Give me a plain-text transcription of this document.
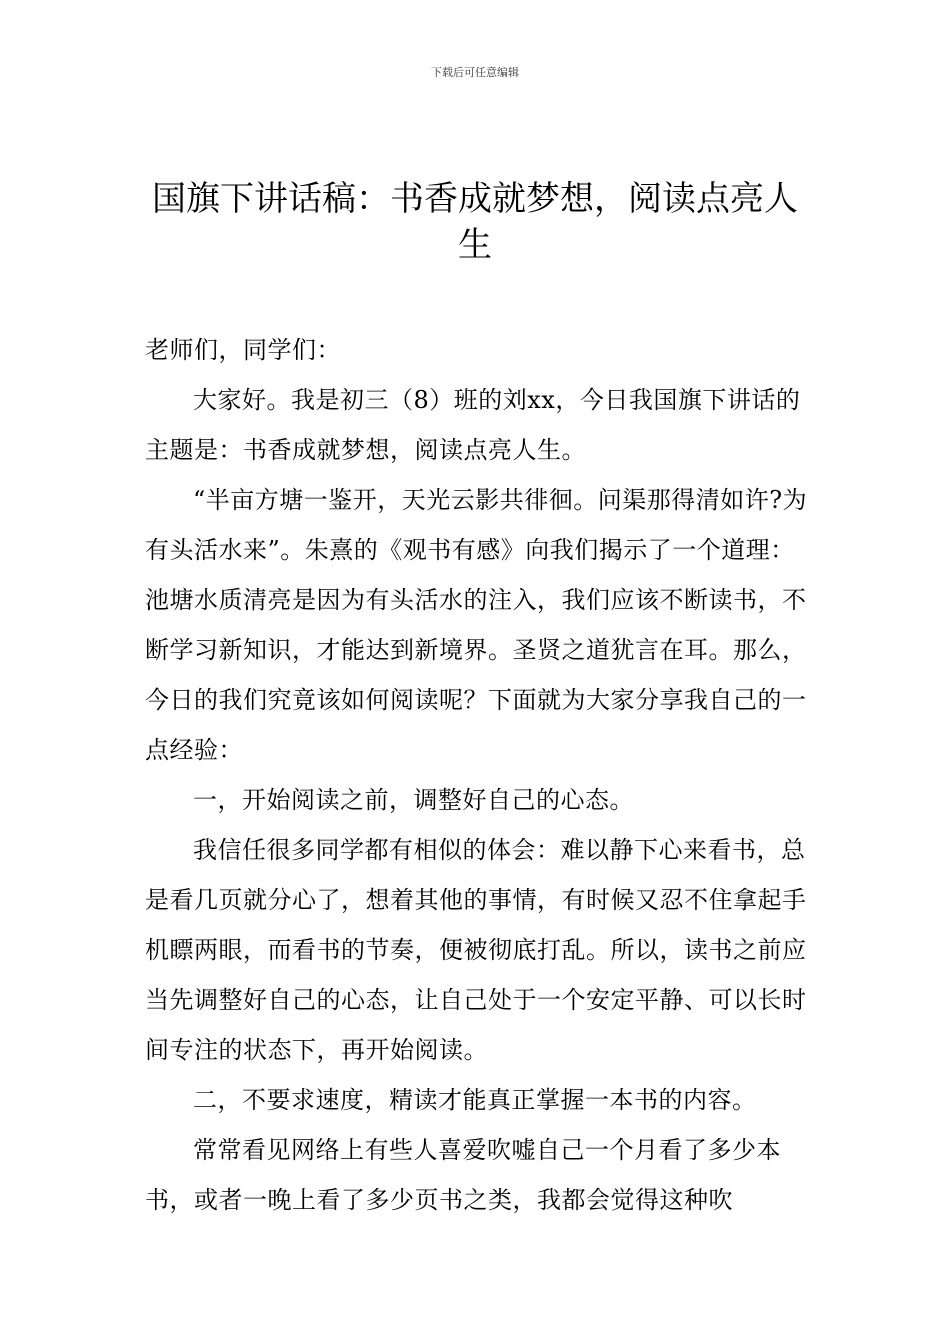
下载后可任意编辑
国旗下讲话稿：书香成就梦想，阅读点亮人生

老师们，同学们：

大家好。我是初三（8）班的刘xx，今日我国旗下讲话的主题是：书香成就梦想，阅读点亮人生。

“半亩方塘一鉴开，天光云影共徘徊。问渠那得清如许?为有头活水来”。朱熹的《观书有感》向我们揭示了一个道理：池塘水质清亮是因为有头活水的注入，我们应该不断读书，不断学习新知识，才能达到新境界。圣贤之道犹言在耳。那么，今日的我们究竟该如何阅读呢？下面就为大家分享我自己的一点经验：

一，开始阅读之前，调整好自己的心态。

我信任很多同学都有相似的体会：难以静下心来看书，总是看几页就分心了，想着其他的事情，有时候又忍不住拿起手机瞟两眼，而看书的节奏，便被彻底打乱。所以，读书之前应当先调整好自己的心态，让自己处于一个安定平静、可以长时间专注的状态下，再开始阅读。

二，不要求速度，精读才能真正掌握一本书的内容。

常常看见网络上有些人喜爱吹嘘自己一个月看了多少本书，或者一晚上看了多少页书之类，我都会觉得这种吹
